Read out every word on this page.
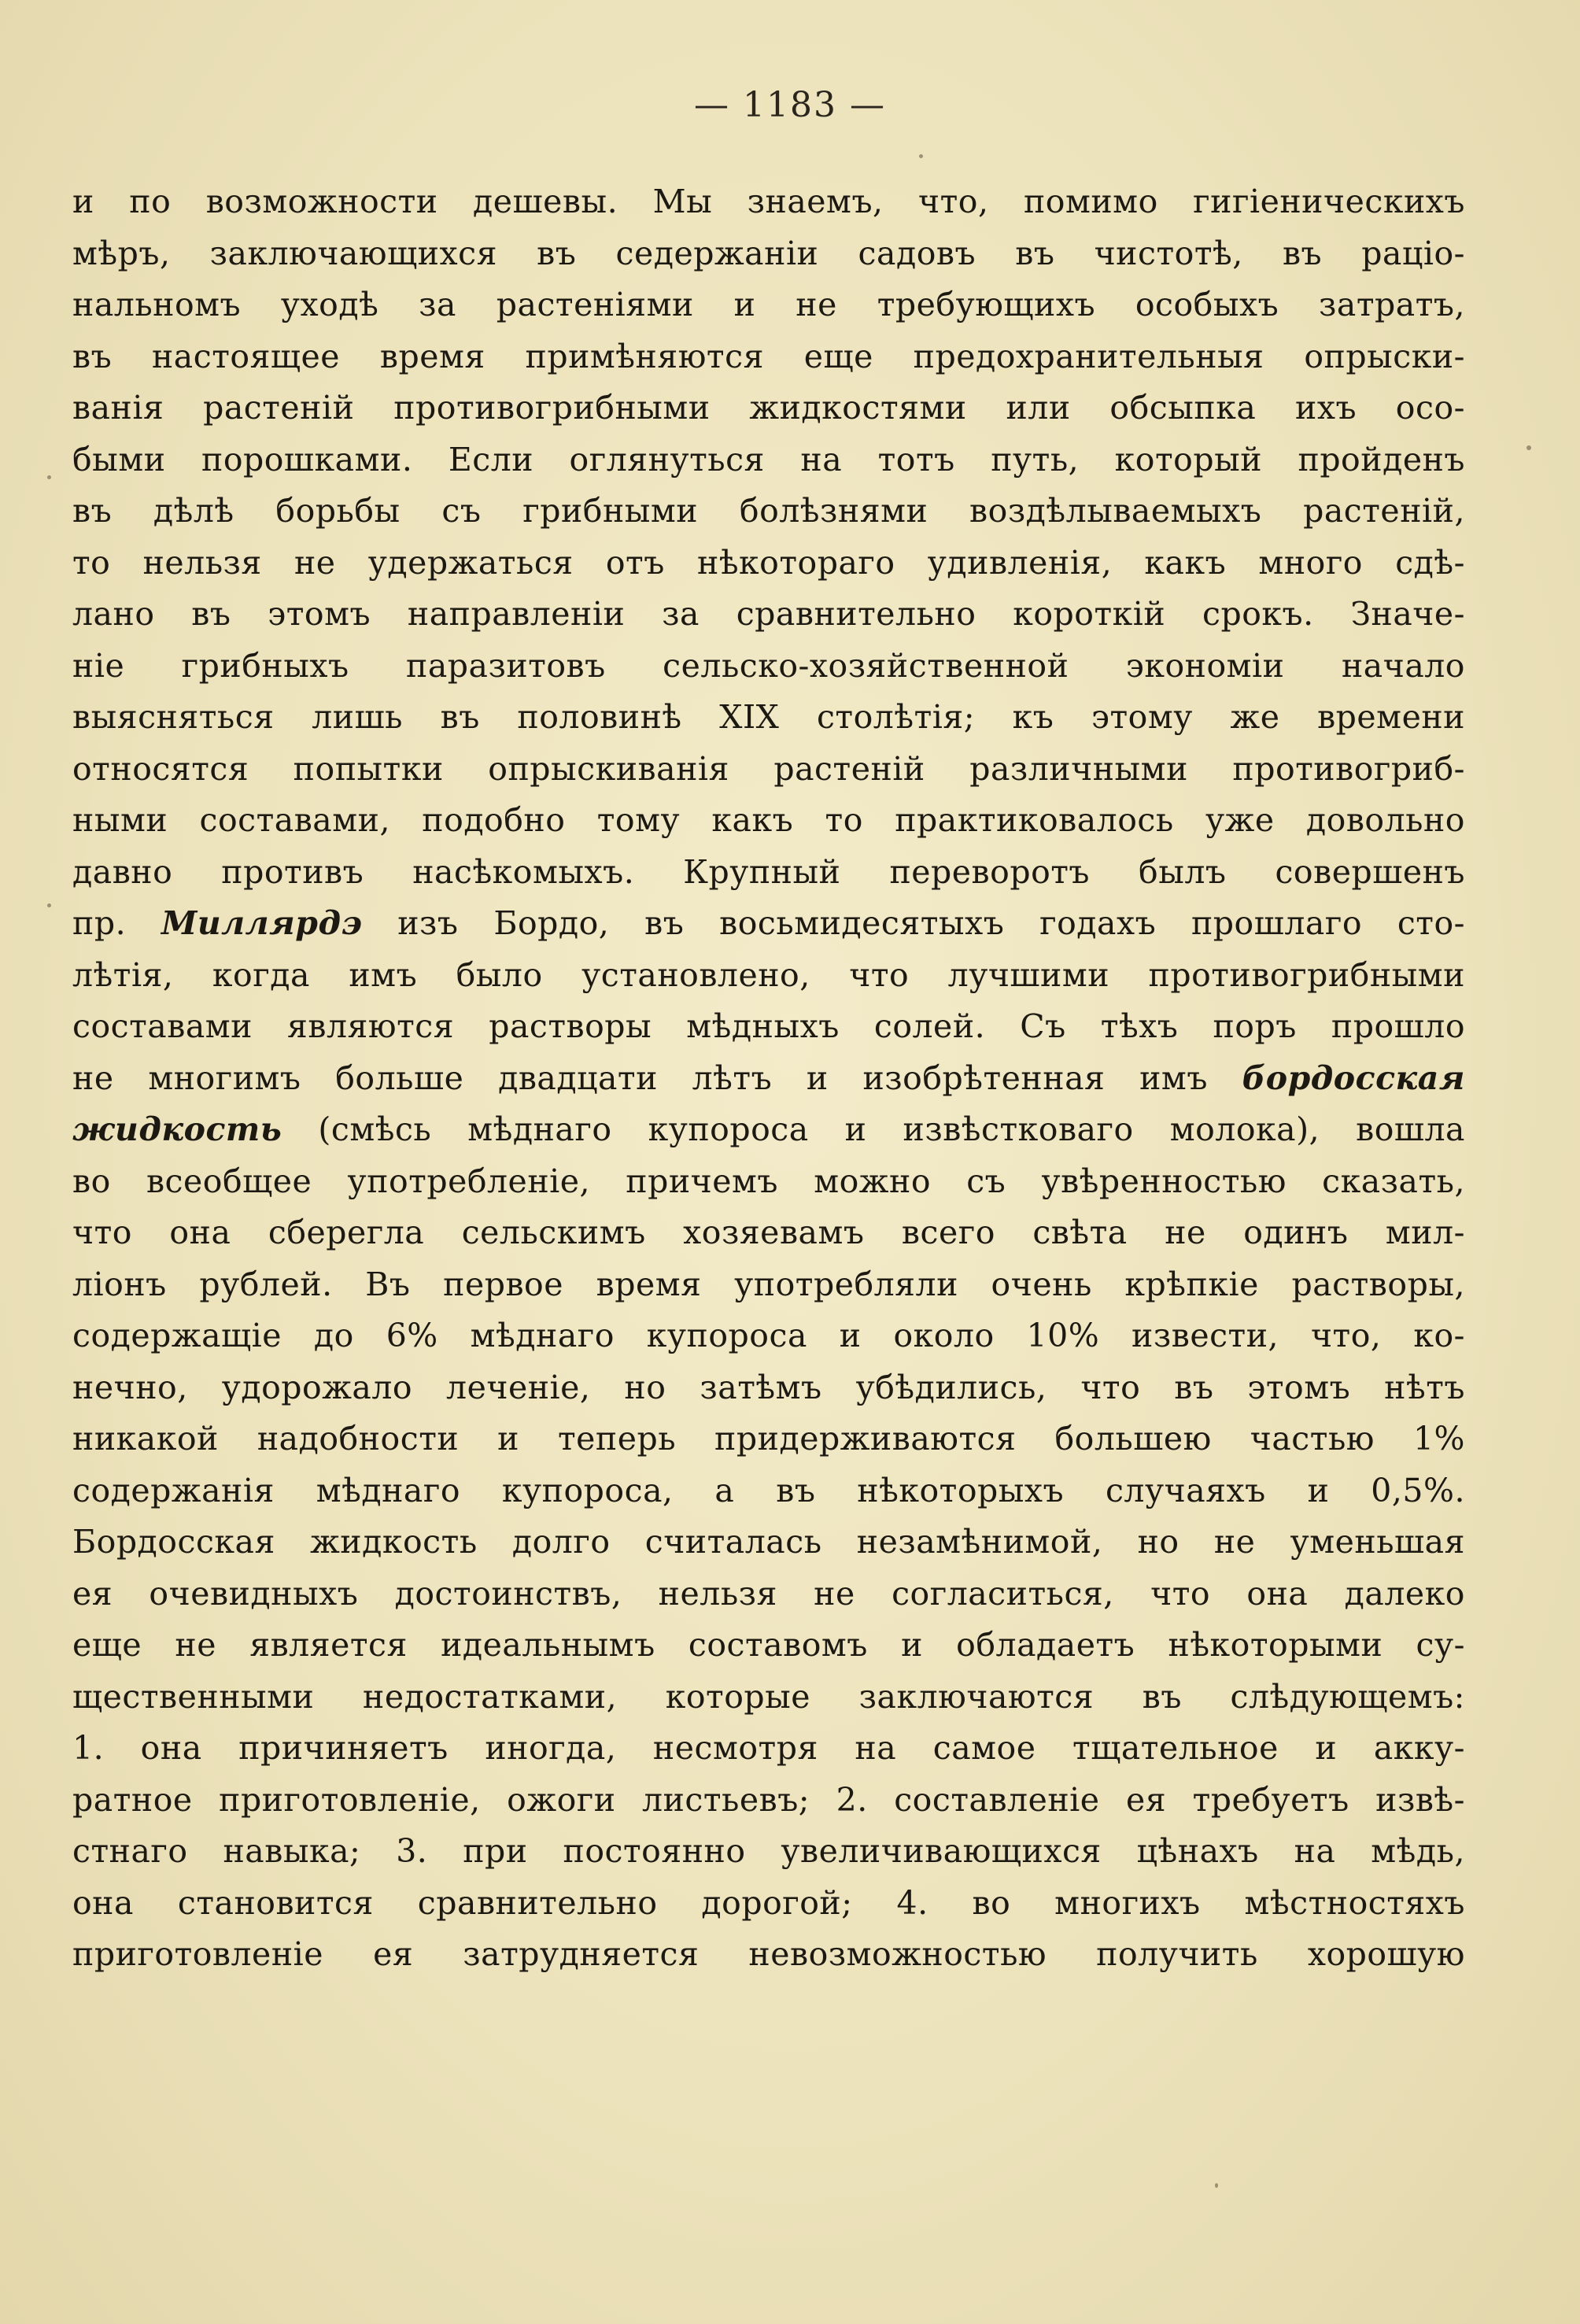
— 1183 —
и по возможности дешевы. Мы знаемъ, что, помимо гигіеническихъ
мѣръ, заключающихся въ седержаніи садовъ въ чистотѣ, въ раціо-
нальномъ уходѣ за растеніями и не требующихъ особыхъ затратъ,
въ настоящее время примѣняются еще предохранительныя опрыски-
ванія растеній противогрибными жидкостями или обсыпка ихъ осо-
быми порошками. Если оглянуться на тотъ путь, который пройденъ
въ дѣлѣ борьбы съ грибными болѣзнями воздѣлываемыхъ растеній,
то нельзя не удержаться отъ нѣкотораго удивленія, какъ много сдѣ-
лано въ этомъ направленіи за сравнительно короткій срокъ. Значе-
ніе грибныхъ паразитовъ сельско-хозяйственной экономіи начало
выясняться лишь въ половинѣ XIX столѣтія; къ этому же времени
относятся попытки опрыскиванія растеній различными противогриб-
ными составами, подобно тому какъ то практиковалось уже довольно
давно противъ насѣкомыхъ. Крупный переворотъ былъ совершенъ
пр. Миллярдэ изъ Бордо, въ восьмидесятыхъ годахъ прошлаго сто-
лѣтія, когда имъ было установлено, что лучшими противогрибными
составами являются растворы мѣдныхъ солей. Съ тѣхъ поръ прошло
не многимъ больше двадцати лѣтъ и изобрѣтенная имъ бордосская
жидкость (смѣсь мѣднаго купороса и извѣстковаго молока), вошла
во всеобщее употребленіе, причемъ можно съ увѣренностью сказать,
что она сберегла сельскимъ хозяевамъ всего свѣта не одинъ мил-
ліонъ рублей. Въ первое время употребляли очень крѣпкіе растворы,
содержащіе до 6% мѣднаго купороса и около 10% извести, что, ко-
нечно, удорожало леченіе, но затѣмъ убѣдились, что въ этомъ нѣтъ
никакой надобности и теперь придерживаются большею частью 1%
содержанія мѣднаго купороса, а въ нѣкоторыхъ случаяхъ и 0,5%.
Бордосская жидкость долго считалась незамѣнимой, но не уменьшая
ея очевидныхъ достоинствъ, нельзя не согласиться, что она далеко
еще не является идеальнымъ составомъ и обладаетъ нѣкоторыми су-
щественными недостатками, которые заключаются въ слѣдующемъ:
1. она причиняетъ иногда, несмотря на самое тщательное и акку-
ратное приготовленіе, ожоги листьевъ; 2. составленіе ея требуетъ извѣ-
стнаго навыка; 3. при постоянно увеличивающихся цѣнахъ на мѣдь,
она становится сравнительно дорогой; 4. во многихъ мѣстностяхъ
приготовленіе ея затрудняется невозможностью получить хорошую
